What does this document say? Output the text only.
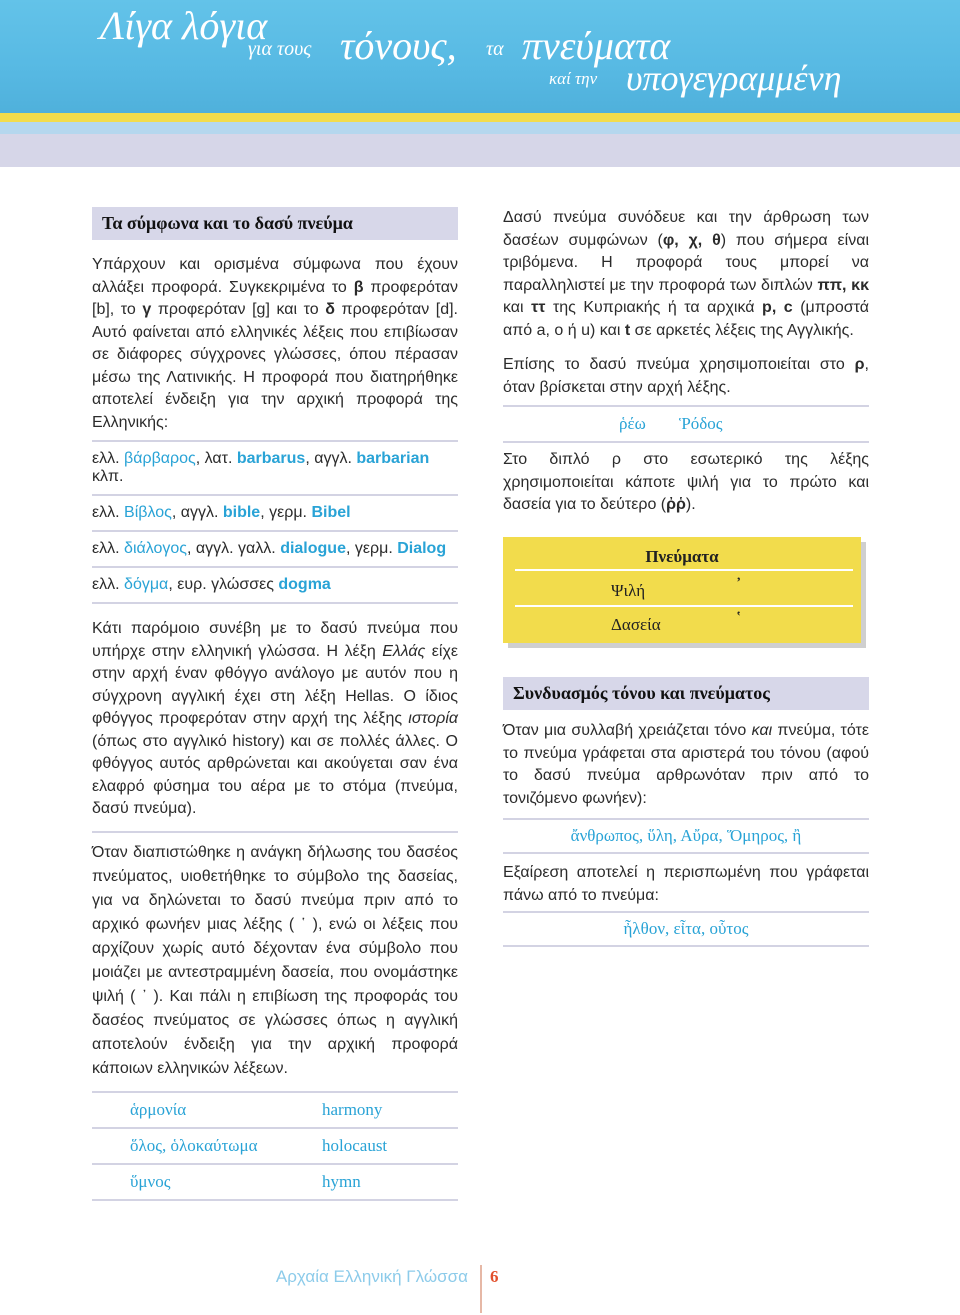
Λίγα λόγια
για τους τόνους, τα πνεύματα
καί την υπογεγραμμένη
Τα σύμφωνα και το δασύ πνεύμα

Υπάρχουν και ορισμένα σύμφωνα που έχουν αλλάξει προφορά. Συγκεκριμένα το β προφερόταν [b], το γ προφερόταν [g] και το δ προφερόταν [d]. Αυτό φαίνεται από ελληνικές λέξεις που επιβίωσαν σε διάφορες σύγχρονες γλώσσες, όπου πέρασαν μέσω της Λατινικής. Η προφορά που διατηρήθηκε αποτελεί ένδειξη για την αρχική προφορά της Ελληνικής:

ελλ. βάρβαρος, λατ. barbarus, αγγλ. barbarian κλπ.
ελλ. Βίβλος, αγγλ. bible, γερμ. Bibel
ελλ. διάλογος, αγγλ. γαλλ. dialogue, γερμ. Dialog
ελλ. δόγμα, ευρ. γλώσσες dogma

Κάτι παρόμοιο συνέβη με το δασύ πνεύμα που υπήρχε στην ελληνική γλώσσα. Η λέξη Ελλάς είχε στην αρχή έναν φθόγγο ανάλογο με αυτόν που η σύγχρονη αγγλική έχει στη λέξη Hellas. Ο ίδιος φθόγγος προφερόταν στην αρχή της λέξης ιστορία (όπως στο αγγλικό history) και σε πολλές άλλες. Ο φθόγγος αυτός αρθρώνεται και ακούγεται σαν ένα ελαφρό φύσημα του αέρα με το στόμα (πνεύμα, δασύ πνεύμα).

Όταν διαπιστώθηκε η ανάγκη δήλωσης του δασέος πνεύματος, υιοθετήθηκε το σύμβολο της δασείας, για να δηλώνεται το δασύ πνεύμα πριν από το αρχικό φωνήεν μιας λέξης ( ῾ ), ενώ οι λέξεις που αρχίζουν χωρίς αυτό δέχονταν ένα σύμβολο που μοιάζει με αντεστραμμένη δασεία, που ονομάστηκε ψιλή ( ᾿ ). Και πάλι η επιβίωση της προφοράς του δασέος πνεύματος σε γλώσσες όπως η αγγλική αποτελούν ένδειξη για την αρχική προφορά κάποιων ελληνικών λέξεων.

ἁρμονία	harmony
ὅλος, ὁλοκαύτωμα	holocaust
ὕμνος	hymn

Δασύ πνεύμα συνόδευε και την άρθρωση των δασέων συμφώνων (φ, χ, θ) που σήμερα είναι τριβόμενα. Η προφορά τους μπορεί να παραλληλιστεί με την προφορά των διπλών ππ, κκ και ττ της Κυπριακής ή τα αρχικά p, c (μπροστά από a, o ή u) και t σε αρκετές λέξεις της Αγγλικής.

Επίσης το δασύ πνεύμα χρησιμοποιείται στο ρ, όταν βρίσκεται στην αρχή λέξης.

ῥέω Ῥόδος

Στο διπλό ρ στο εσωτερικό της λέξης χρησιμοποιείται κάποτε ψιλή για το πρώτο και δασεία για το δεύτερο (ῤῥ).

Πνεύματα
Ψιλή	᾿
Δασεία	῾
Συνδυασμός τόνου και πνεύματος

Όταν μια συλλαβή χρειάζεται τόνο και πνεύμα, τότε το πνεύμα γράφεται στα αριστερά του τόνου (αφού το δασύ πνεύμα αρθρωνόταν πριν από το τονιζόμενο φωνήεν):

ἄνθρωπος, ὕλη, Αὔρα, Ὅμηρος, ἢ

Εξαίρεση αποτελεί η περισπωμένη που γράφεται πάνω από το πνεύμα:

ἦλθον, εἶτα, οὗτος
Αρχαία Ελληνική Γλώσσα 6
